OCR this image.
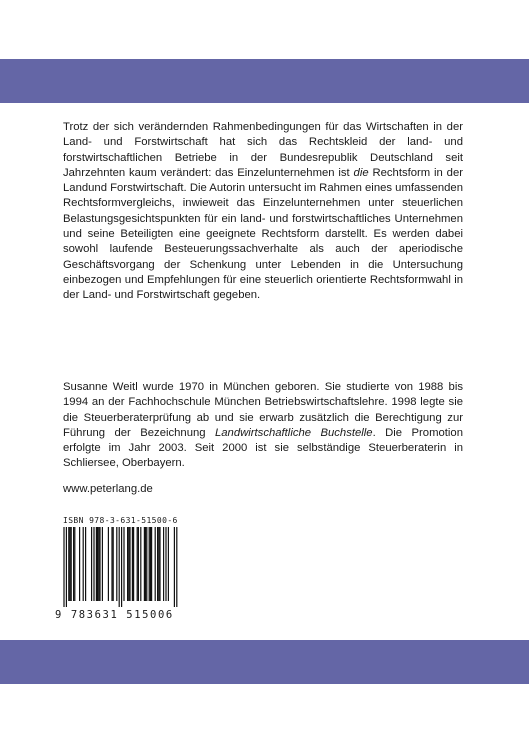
Trotz der sich verändernden Rahmenbedingungen für das Wirtschaften in der Land- und Forstwirtschaft hat sich das Rechtskleid der land- und forstwirtschaftlichen Betriebe in der Bundesrepublik Deutschland seit Jahrzehnten kaum verändert: das Einzelunternehmen ist die Rechtsform in der Landund Forstwirtschaft. Die Autorin untersucht im Rahmen eines umfassenden Rechtsformvergleichs, inwieweit das Einzelunternehmen unter steuerlichen Belastungsgesichtspunkten für ein land- und forstwirtschaftliches Unternehmen und seine Beteiligten eine geeignete Rechtsform darstellt. Es werden dabei sowohl laufende Besteuerungssachverhalte als auch der aperiodische Geschäftsvorgang der Schenkung unter Lebenden in die Untersuchung einbezogen und Empfehlungen für eine steuerlich orientierte Rechtsformwahl in der Land- und Forstwirtschaft gegeben.

Susanne Weitl wurde 1970 in München geboren. Sie studierte von 1988 bis 1994 an der Fachhochschule München Betriebswirtschaftslehre. 1998 legte sie die Steuerberaterprüfung ab und sie erwarb zusätzlich die Berechtigung zur Führung der Bezeichnung Landwirtschaftliche Buchstelle. Die Promotion erfolgte im Jahr 2003. Seit 2000 ist sie selbständige Steuerberaterin in Schliersee, Oberbayern.

www.peterlang.de
ISBN 978-3-631-51500-6
9 783631 515006
